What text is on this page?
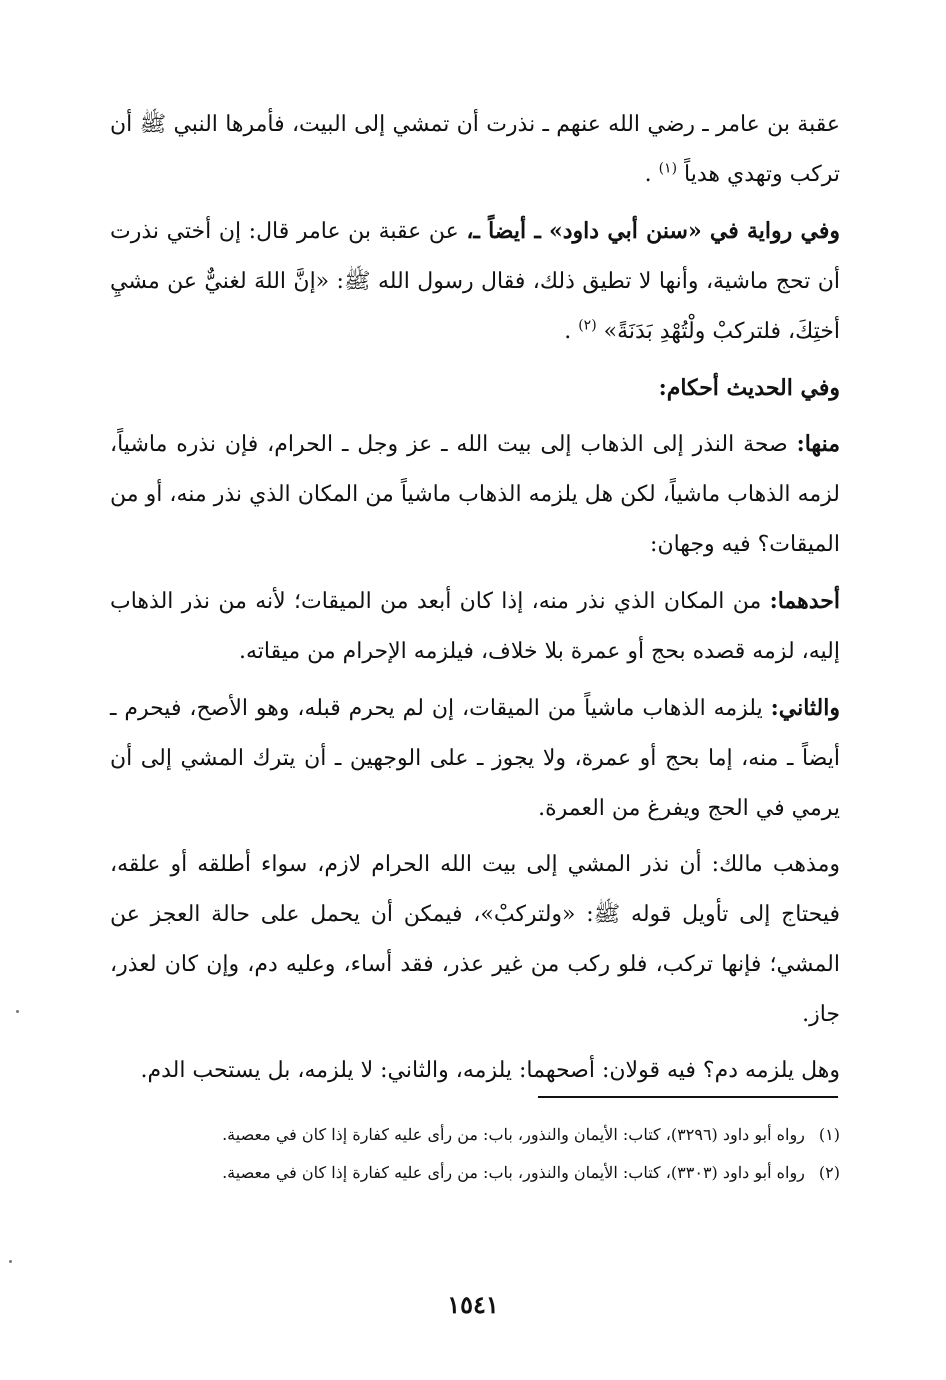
عقبة بن عامر ـ رضي الله عنهم ـ نذرت أن تمشي إلى البيت، فأمرها النبي ﷺ أن تركب وتهدي هدياً $^{(١)}$ .

وفي رواية في «سنن أبي داود» ـ أيضاً ـ، عن عقبة بن عامر قال: إن أختي نذرت أن تحج ماشية، وأنها لا تطيق ذلك، فقال رسول الله ﷺ: «إنَّ اللهَ لغنيٌّ عن مشيِ أختِكَ، فلتركبْ ولْتُهْدِ بَدَنَةً» $^{(٢)}$ .

وفي الحديث أحكام:

منها: صحة النذر إلى الذهاب إلى بيت الله ـ عز وجل ـ الحرام، فإن نذره ماشياً، لزمه الذهاب ماشياً، لكن هل يلزمه الذهاب ماشياً من المكان الذي نذر منه، أو من الميقات؟ فيه وجهان:

أحدهما: من المكان الذي نذر منه، إذا كان أبعد من الميقات؛ لأنه من نذر الذهاب إليه، لزمه قصده بحج أو عمرة بلا خلاف، فيلزمه الإحرام من ميقاته.

والثاني: يلزمه الذهاب ماشياً من الميقات، إن لم يحرم قبله، وهو الأصح، فيحرم ـ أيضاً ـ منه، إما بحج أو عمرة، ولا يجوز ـ على الوجهين ـ أن يترك المشي إلى أن يرمي في الحج ويفرغ من العمرة.

ومذهب مالك: أن نذر المشي إلى بيت الله الحرام لازم، سواء أطلقه أو علقه، فيحتاج إلى تأويل قوله ﷺ: «ولتركبْ»، فيمكن أن يحمل على حالة العجز عن المشي؛ فإنها تركب، فلو ركب من غير عذر، فقد أساء، وعليه دم، وإن كان لعذر، جاز.

وهل يلزمه دم؟ فيه قولان: أصحهما: يلزمه، والثاني: لا يلزمه، بل يستحب الدم.

(١)
رواه أبو داود (٣٢٩٦)، كتاب: الأيمان والنذور، باب: من رأى عليه كفارة إذا كان في معصية.
(٢)
رواه أبو داود (٣٣٠٣)، كتاب: الأيمان والنذور، باب: من رأى عليه كفارة إذا كان في معصية.
١٥٤١
